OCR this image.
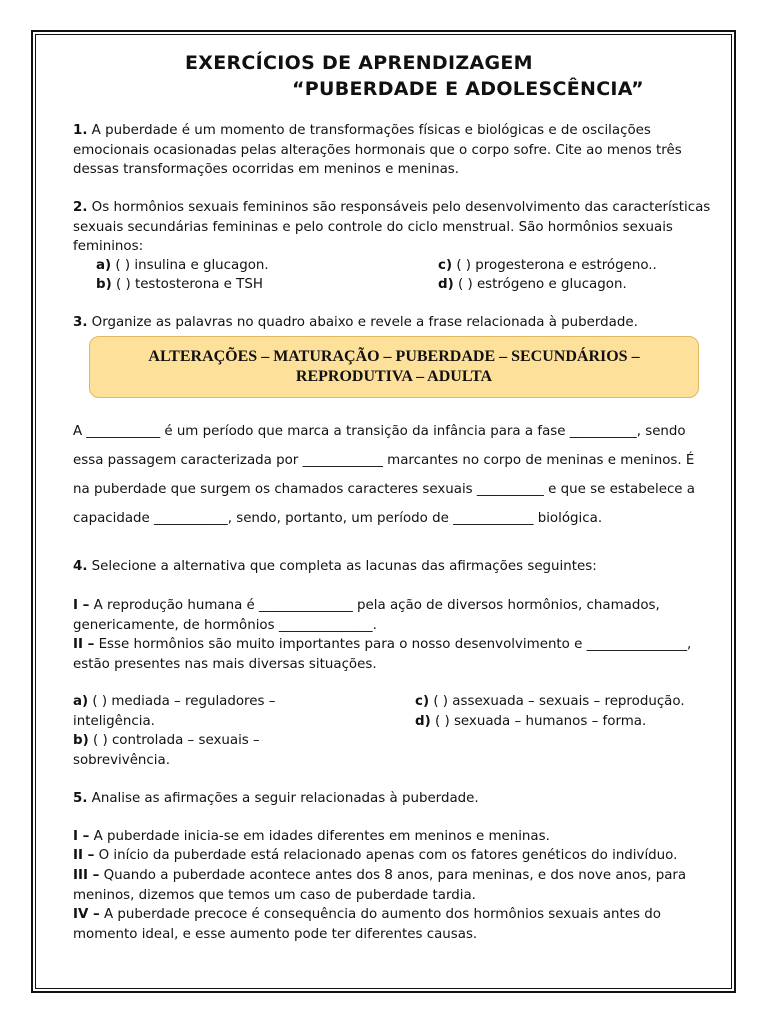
EXERCÍCIOS DE APRENDIZAGEM
“PUBERDADE E ADOLESCÊNCIA”
1. A puberdade é um momento de transformações físicas e biológicas e de oscilações emocionais ocasionadas pelas alterações hormonais que o corpo sofre. Cite ao menos três dessas transformações ocorridas em meninos e meninas.
2. Os hormônios sexuais femininos são responsáveis pelo desenvolvimento das características sexuais secundárias femininas e pelo controle do ciclo menstrual. São hormônios sexuais femininos:
a) ( ) insulina e glucagon.
b) ( ) testosterona e TSH
c) ( ) progesterona e estrógeno..
d) ( ) estrógeno e glucagon.
3. Organize as palavras no quadro abaixo e revele a frase relacionada à puberdade.
ALTERAÇÕES – MATURAÇÃO – PUBERDADE – SECUNDÁRIOS –
REPRODUTIVA – ADULTA
A ___________ é um período que marca a transição da infância para a fase __________, sendo
essa passagem caracterizada por ____________ marcantes no corpo de meninas e meninos. É
na puberdade que surgem os chamados caracteres sexuais __________ e que se estabelece a
capacidade ___________, sendo, portanto, um período de ____________ biológica.
4. Selecione a alternativa que completa as lacunas das afirmações seguintes:
I – A reprodução humana é ______________ pela ação de diversos hormônios, chamados, genericamente, de hormônios ______________.
II – Esse hormônios são muito importantes para o nosso desenvolvimento e _______________, estão presentes nas mais diversas situações.
a) ( ) mediada – reguladores – inteligência.
b) ( ) controlada – sexuais – sobrevivência.
c) ( ) assexuada – sexuais – reprodução.
d) ( ) sexuada – humanos – forma.
5. Analise as afirmações a seguir relacionadas à puberdade.
I – A puberdade inicia-se em idades diferentes em meninos e meninas.
II – O início da puberdade está relacionado apenas com os fatores genéticos do indivíduo.
III – Quando a puberdade acontece antes dos 8 anos, para meninas, e dos nove anos, para meninos, dizemos que temos um caso de puberdade tardia.
IV – A puberdade precoce é consequência do aumento dos hormônios sexuais antes do momento ideal, e esse aumento pode ter diferentes causas.
